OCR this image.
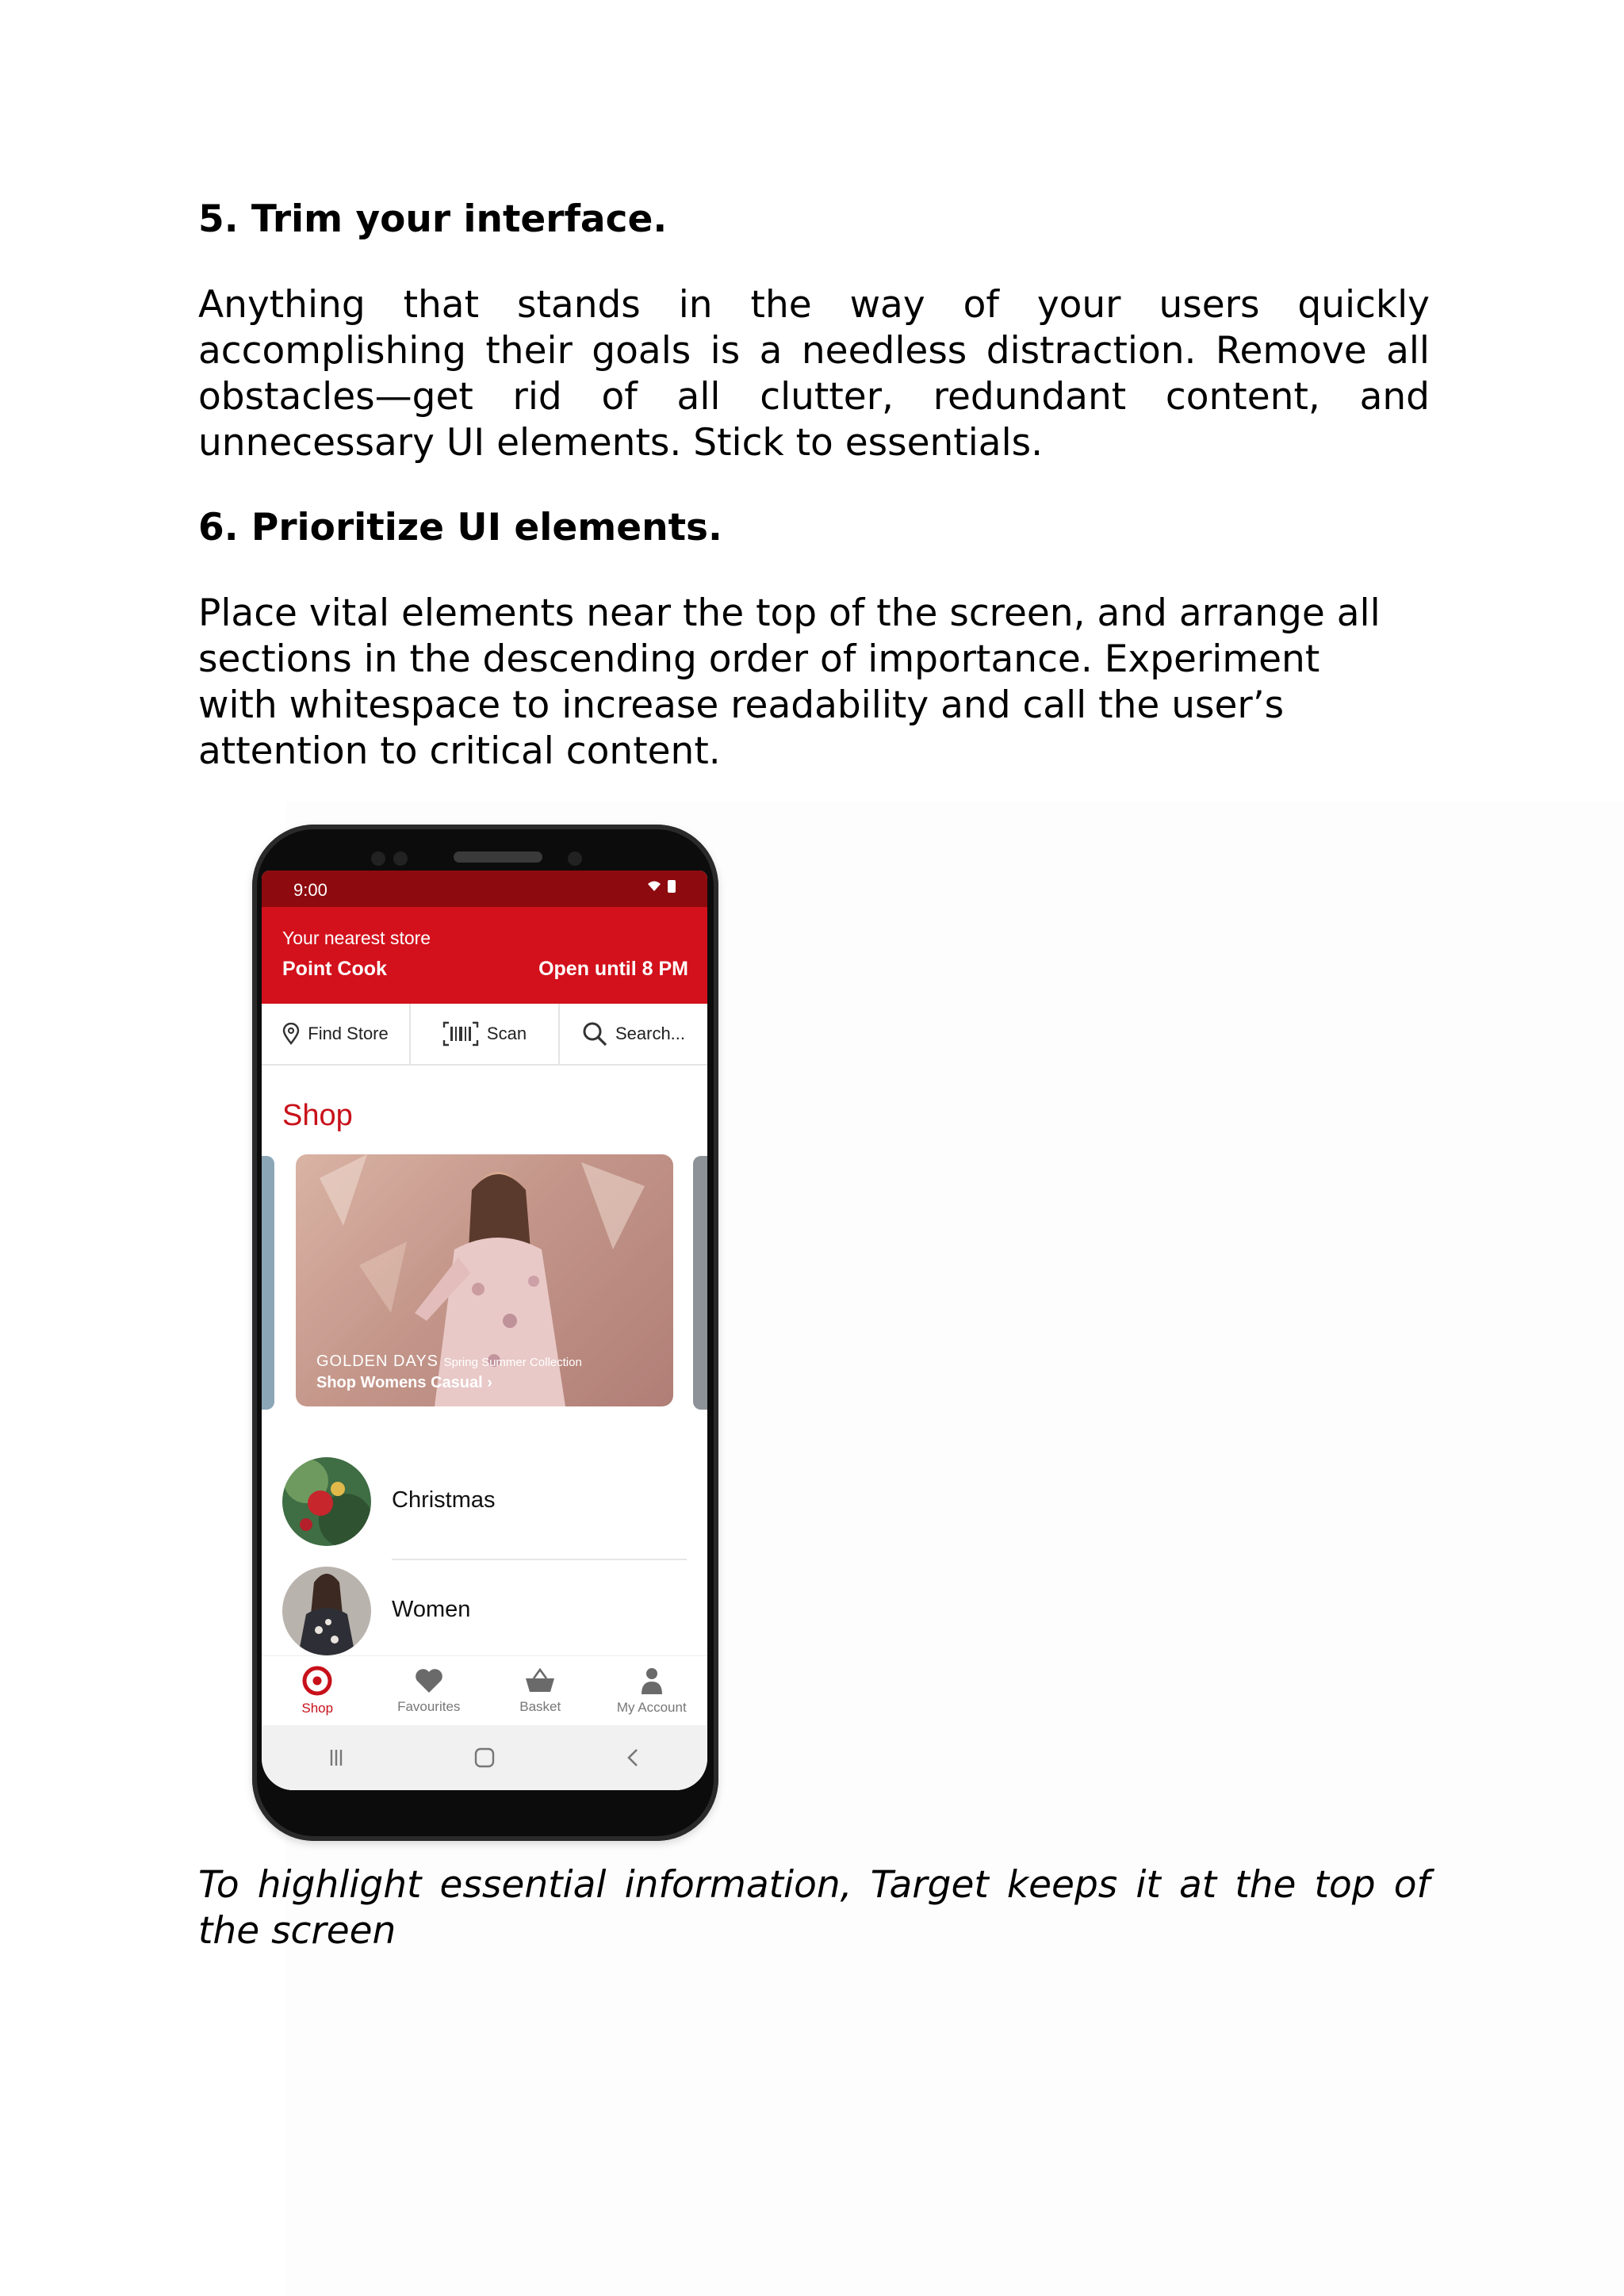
5. Trim your interface.

Anything that stands in the way of your users quickly accomplishing their goals is a needless distraction. Remove all obstacles—get rid of all clutter, redundant content, and unnecessary UI elements. Stick to essentials.

6. Prioritize UI elements.

Place vital elements near the top of the screen, and arrange all

sections in the descending order of importance. Experiment

with whitespace to increase readability and call the user’s

attention to critical content.

9:00
Your nearest store
Point Cook	Open until 8 PM
Find Store	Scan	Search...
Shop
GOLDEN DAYS Spring Summer Collection
Shop Womens Casual ›
Christmas
Women
Shop	Favourites	Basket	My Account

To highlight essential information, Target keeps it at the top of the screen
